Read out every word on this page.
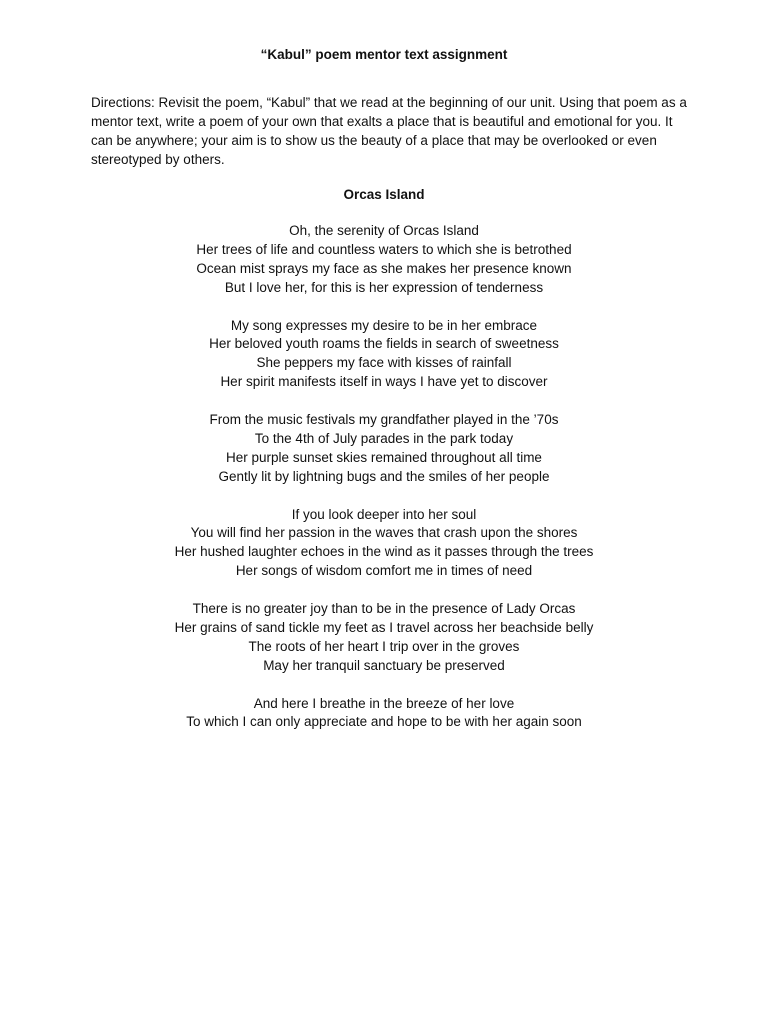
“Kabul” poem mentor text assignment

Directions: Revisit the poem, “Kabul” that we read at the beginning of our unit. Using that poem as a mentor text, write a poem of your own that exalts a place that is beautiful and emotional for you. It can be anywhere; your aim is to show us the beauty of a place that may be overlooked or even stereotyped by others.

Orcas Island
Oh, the serenity of Orcas Island
Her trees of life and countless waters to which she is betrothed
Ocean mist sprays my face as she makes her presence known
But I love her, for this is her expression of tenderness
My song expresses my desire to be in her embrace
Her beloved youth roams the fields in search of sweetness
She peppers my face with kisses of rainfall
Her spirit manifests itself in ways I have yet to discover
From the music festivals my grandfather played in the ’70s
To the 4th of July parades in the park today
Her purple sunset skies remained throughout all time
Gently lit by lightning bugs and the smiles of her people
If you look deeper into her soul
You will find her passion in the waves that crash upon the shores
Her hushed laughter echoes in the wind as it passes through the trees
Her songs of wisdom comfort me in times of need
There is no greater joy than to be in the presence of Lady Orcas
Her grains of sand tickle my feet as I travel across her beachside belly
The roots of her heart I trip over in the groves
May her tranquil sanctuary be preserved
And here I breathe in the breeze of her love
To which I can only appreciate and hope to be with her again soon
